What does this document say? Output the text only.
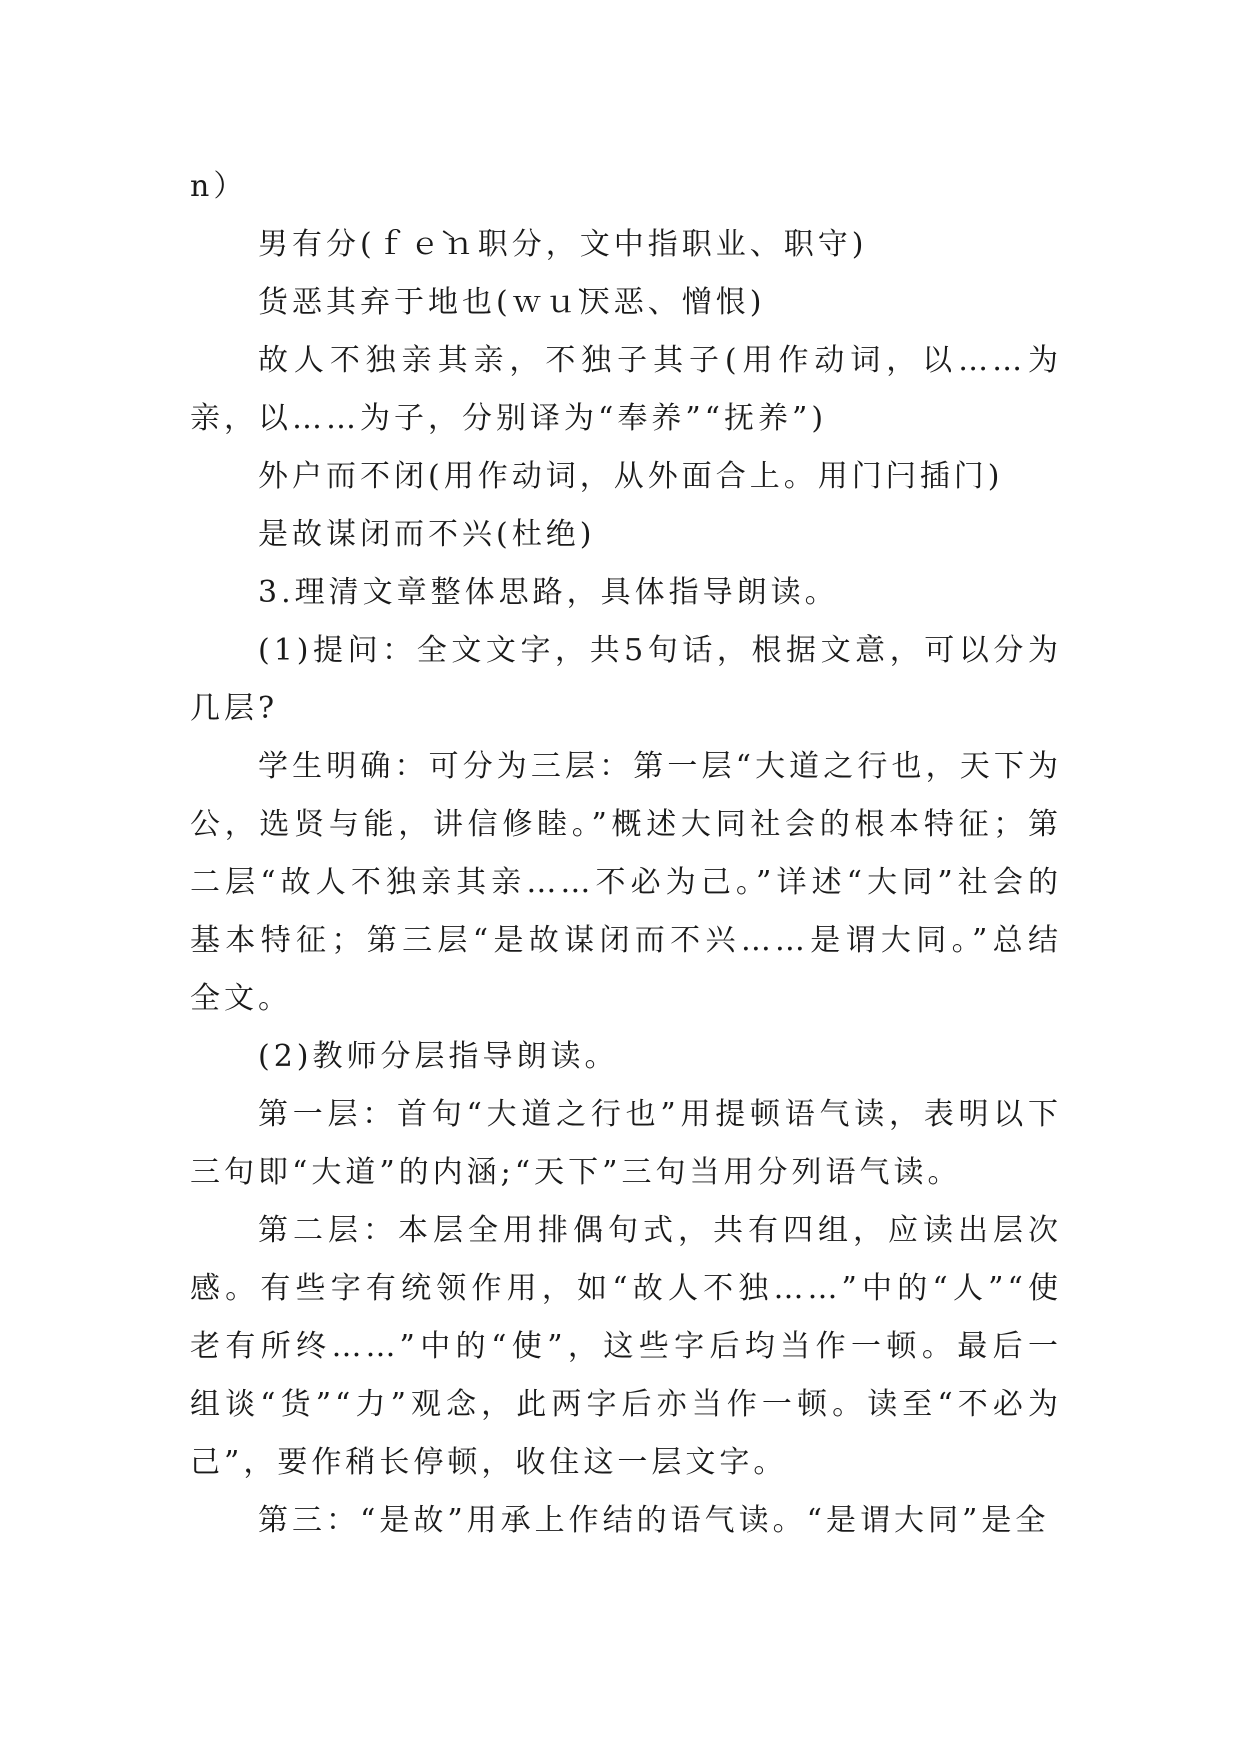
n）

男有分(ｆｅ̀ｎ职分，文中指职业、职守)

货恶其弃于地也(ｗｕ̀厌恶、憎恨)

故人不独亲其亲，不独子其子(用作动词，以……为亲，以……为子，分别译为“奉养”“抚养”)

外户而不闭(用作动词，从外面合上。用门闩插门)

是故谋闭而不兴(杜绝)

3.理清文章整体思路，具体指导朗读。

(1)提问：全文文字，共5句话，根据文意，可以分为几层?

学生明确：可分为三层：第一层“大道之行也，天下为公，选贤与能，讲信修睦。”概述大同社会的根本特征；第二层“故人不独亲其亲……不必为己。”详述“大同”社会的基本特征；第三层“是故谋闭而不兴……是谓大同。”总结全文。

(2)教师分层指导朗读。

第一层：首句“大道之行也”用提顿语气读，表明以下三句即“大道”的内涵;“天下”三句当用分列语气读。

第二层：本层全用排偶句式，共有四组，应读出层次感。有些字有统领作用，如“故人不独……”中的“人”“使老有所终……”中的“使”，这些字后均当作一顿。最后一组谈“货”“力”观念，此两字后亦当作一顿。读至“不必为己”，要作稍长停顿，收住这一层文字。

第三：“是故”用承上作结的语气读。“是谓大同”是全
